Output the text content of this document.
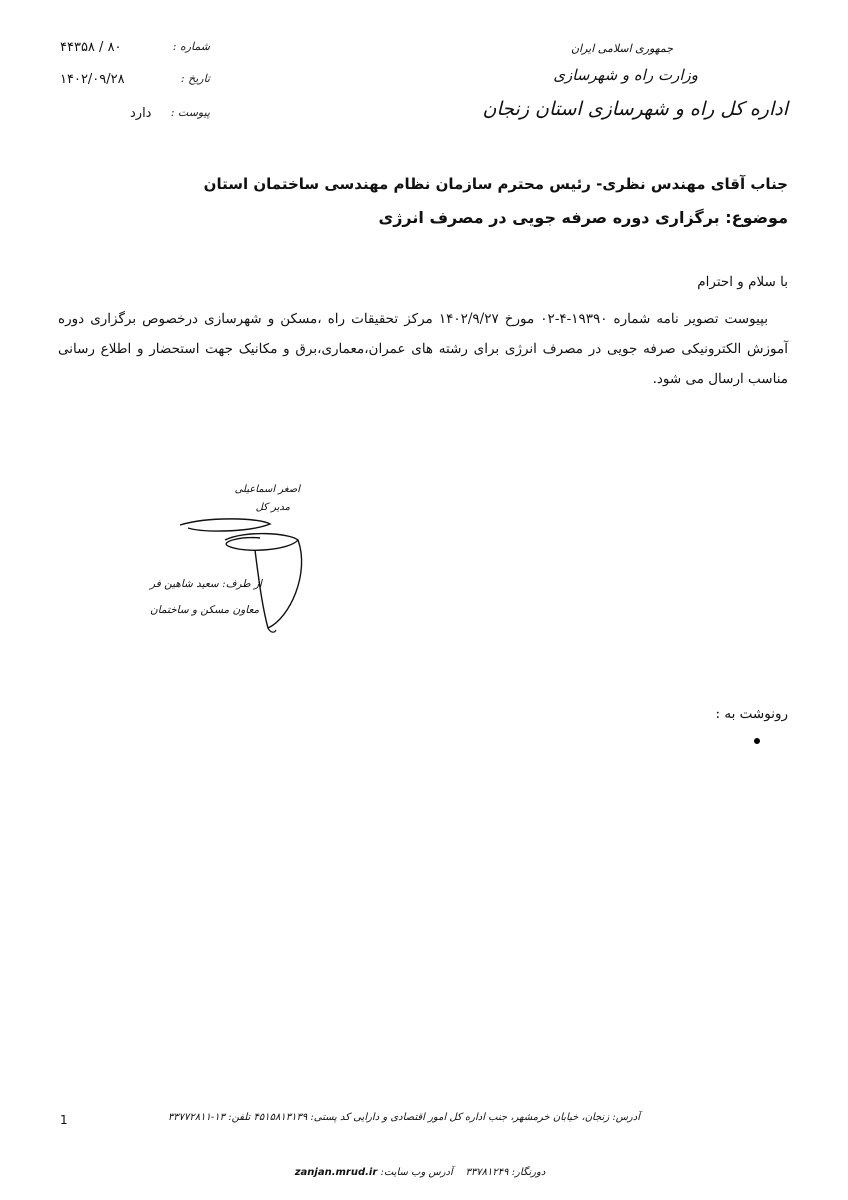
شماره :
۸۰ / ۴۴۳۵۸
تاریخ :
۱۴۰۲/۰۹/۲۸
پیوست :
دارد
جمهوری اسلامی ایران
وزارت راه و شهرسازی
اداره کل راه و شهرسازی استان زنجان
جناب آقای مهندس نظری- رئیس محترم سازمان نظام مهندسی ساختمان استان
موضوع: برگزاری دوره صرفه جویی در مصرف انرژی
با سلام و احترام
بپیوست تصویر نامه شماره ۱۹۳۹۰-۴-۰۲ مورخ ۱۴۰۲/۹/۲۷ مرکز تحقیقات راه ،مسکن و شهرسازی درخصوص برگزاری دوره آموزش الکترونیکی صرفه جویی در مصرف انرژی برای رشته های عمران،معماری،برق و مکانیک جهت استحضار و اطلاع رسانی مناسب ارسال می شود.
اصغر اسماعیلی
مدیر کل
از طرف: سعید شاهین فر
معاون مسکن و ساختمان
رونوشت به :
1	آدرس: زنجان، خیابان خرمشهر، جنب اداره کل امور اقتصادی و دارایی کد پستی: ۴۵۱۵۸۱۳۱۳۹ تلفن: ۱۳-۳۳۷۷۲۸۱۱
دورنگار: ۳۳۷۸۱۲۴۹    آدرس وب سایت: zanjan.mrud.ir
